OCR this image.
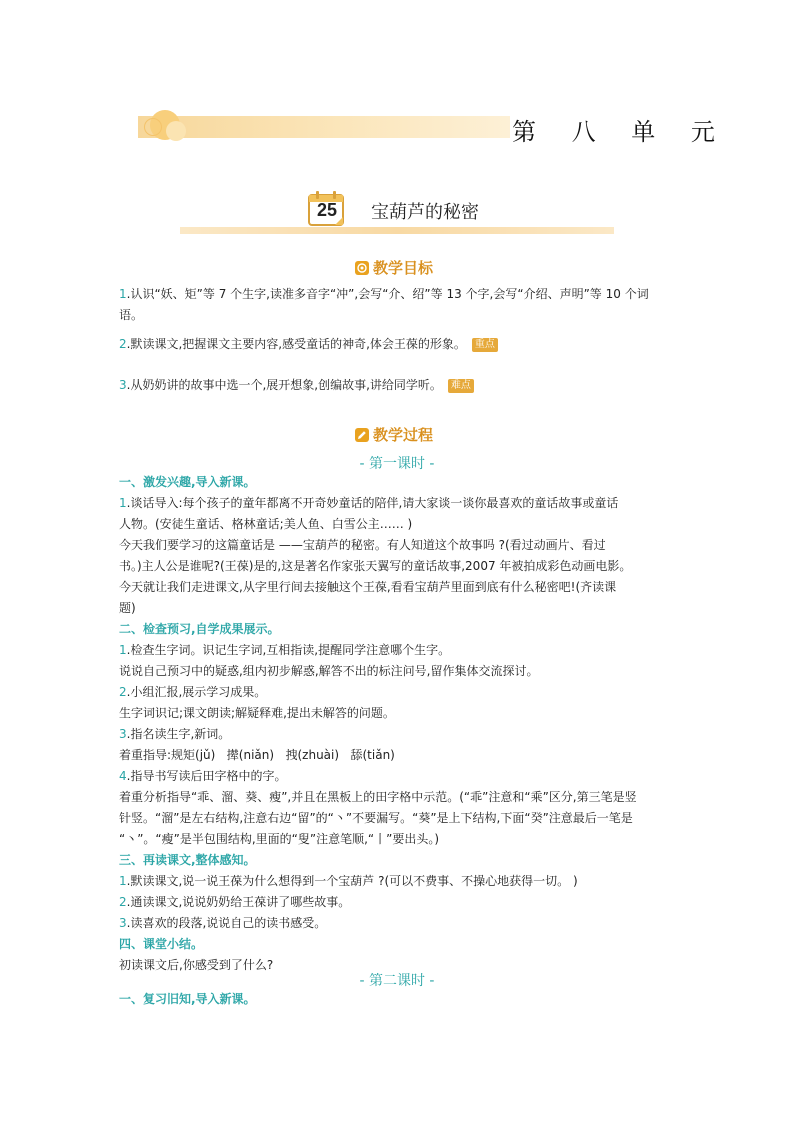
第 八 单 元
25	宝葫芦的秘密
教学目标
1.认识“妖、矩”等 7 个生字,读准多音字“冲”,会写“介、绍”等 13 个字,会写“介绍、声明”等 10 个词
语。
2.默读课文,把握课文主要内容,感受童话的神奇,体会王葆的形象。 重点
3.从奶奶讲的故事中选一个,展开想象,创编故事,讲给同学听。 难点
教学过程
- 第一课时 -
一、激发兴趣,导入新课。
1.谈话导入:每个孩子的童年都离不开奇妙童话的陪伴,请大家谈一谈你最喜欢的童话故事或童话
人物。(安徒生童话、格林童话;美人鱼、白雪公主…… )
今天我们要学习的这篇童话是 ——宝葫芦的秘密。有人知道这个故事吗 ?(看过动画片、看过
书。)主人公是谁呢?(王葆)是的,这是著名作家张天翼写的童话故事,2007 年被拍成彩色动画电影。
今天就让我们走进课文,从字里行间去接触这个王葆,看看宝葫芦里面到底有什么秘密吧!(齐读课
题)
二、检查预习,自学成果展示。
1.检查生字词。识记生字词,互相指读,提醒同学注意哪个生字。
说说自己预习中的疑惑,组内初步解惑,解答不出的标注问号,留作集体交流探讨。
2.小组汇报,展示学习成果。
生字词识记;课文朗读;解疑释难,提出未解答的问题。
3.指名读生字,新词。
着重指导:规矩(jǔ)   撵(niǎn)   拽(zhuài)   舔(tiǎn)
4.指导书写读后田字格中的字。
着重分析指导“乖、溜、葵、瘦”,并且在黑板上的田字格中示范。(“乖”注意和“乘”区分,第三笔是竖
针竖。“溜”是左右结构,注意右边“留”的“丶”不要漏写。“葵”是上下结构,下面“癸”注意最后一笔是
“丶”。“瘦”是半包围结构,里面的“叟”注意笔顺,“丨”要出头。)
三、再读课文,整体感知。
1.默读课文,说一说王葆为什么想得到一个宝葫芦 ?(可以不费事、不操心地获得一切。 )
2.通读课文,说说奶奶给王葆讲了哪些故事。
3.读喜欢的段落,说说自己的读书感受。
四、课堂小结。
初读课文后,你感受到了什么?
- 第二课时 -
一、复习旧知,导入新课。
